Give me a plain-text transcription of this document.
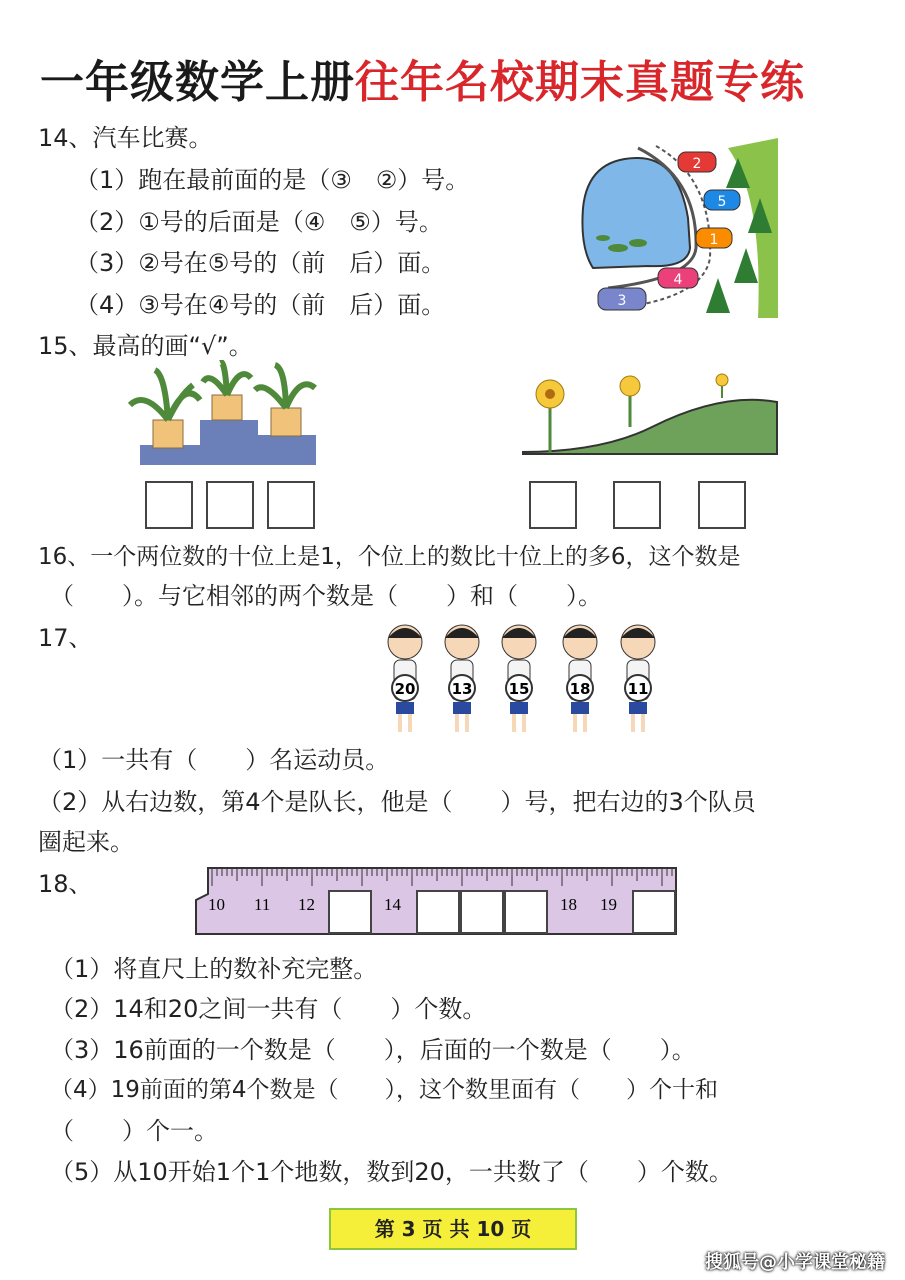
一年级数学上册往年名校期末真题专练
14、汽车比赛。
（1）跑在最前面的是（③　②）号。
（2）①号的后面是（④　⑤）号。
（3）②号在⑤号的（前　后）面。
（4）③号在④号的（前　后）面。
2
5
1
4
3
15、最高的画“√”。
16、一个两位数的十位上是1，个位上的数比十位上的多6，这个数是
（　　）。与它相邻的两个数是（　　）和（　　）。
17、
20 13 15	18 11
（1）一共有（　　）名运动员。
（2）从右边数，第4个是队长，他是（　　）号，把右边的3个队员
圈起来。
18、
10 11 12	14	18 19
（1）将直尺上的数补充完整。
（2）14和20之间一共有（　　）个数。
（3）16前面的一个数是（　　），后面的一个数是（　　）。
（4）19前面的第4个数是（　　），这个数里面有（　　）个十和
（　　）个一。
（5）从10开始1个1个地数，数到20，一共数了（　　）个数。
第 3 页 共 10 页
搜狐号@小学课堂秘籍
